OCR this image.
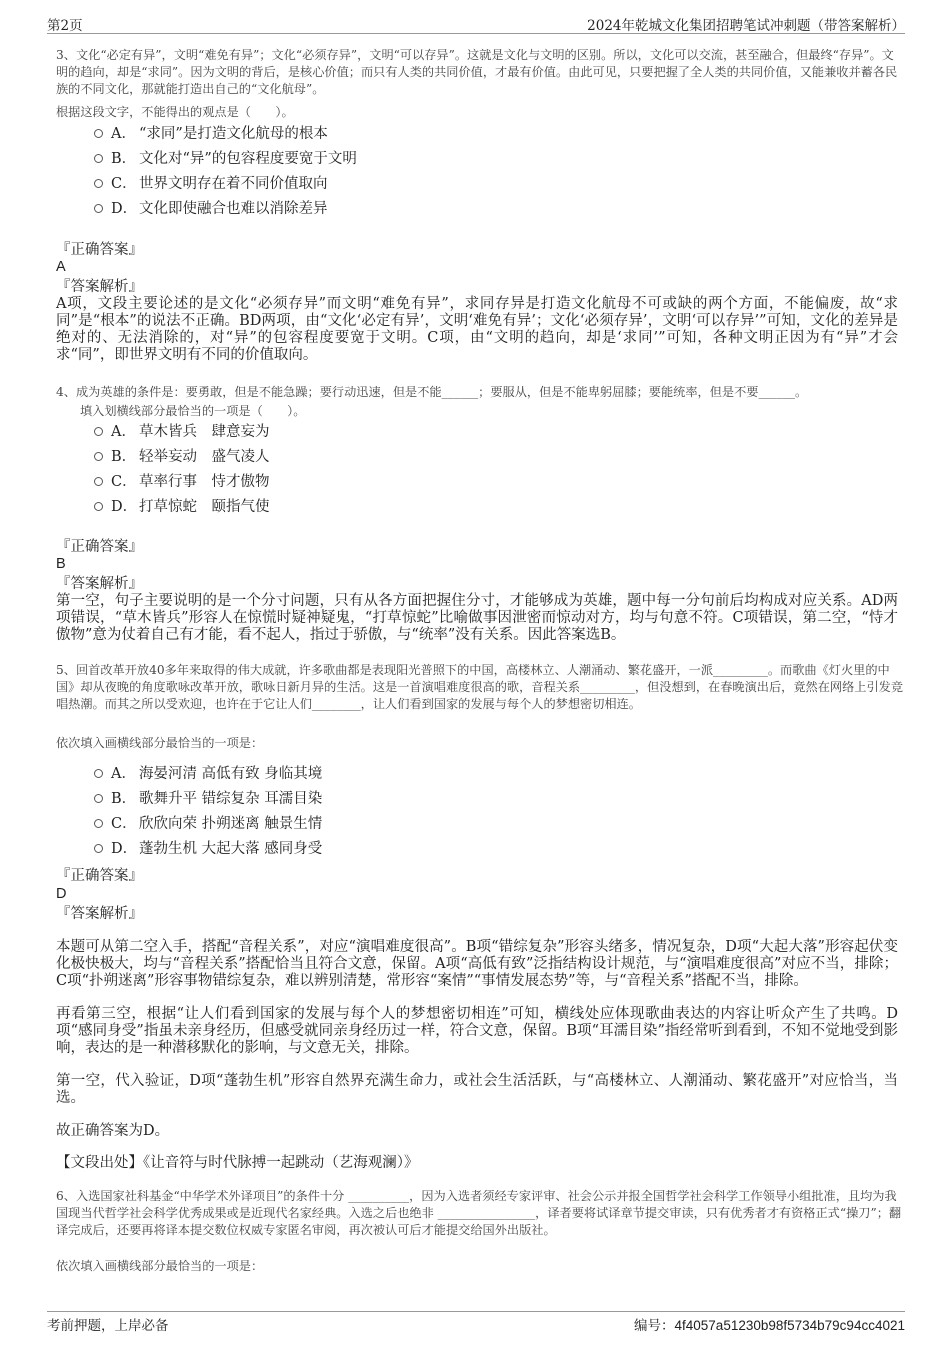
第2页	2024年乾城文化集团招聘笔试冲刺题（带答案解析）

3、文化“必定有异”，文明“难免有异”；文化“必须存异”，文明“可以存异”。这就是文化与文明的区别。所以，文化可以交流，甚至融合，但最终“存异”。文明的趋向，却是“求同”。因为文明的背后，是核心价值；而只有人类的共同价值，才最有价值。由此可见，只要把握了全人类的共同价值，又能兼收并蓄各民族的不同文化，那就能打造出自己的“文化航母”。

根据这段文字，不能得出的观点是（　　）。

A． “求同”是打造文化航母的根本
B． 文化对“异”的包容程度要宽于文明
C． 世界文明存在着不同价值取向
D． 文化即使融合也难以消除差异
『正确答案』
A
『答案解析』

A项，文段主要论述的是文化“必须存异”而文明“难免有异”，求同存异是打造文化航母不可或缺的两个方面，不能偏废，故“求同”是“根本”的说法不正确。BD两项，由“文化‘必定有异’，文明‘难免有异’；文化‘必须存异’，文明‘可以存异’”可知，文化的差异是绝对的、无法消除的，对“异”的包容程度要宽于文明。C项，由“文明的趋向，却是‘求同’”可知，各种文明正因为有“异”才会求“同”，即世界文明有不同的价值取向。

4、成为英雄的条件是：要勇敢，但是不能急躁；要行动迅速，但是不能______；要服从，但是不能卑躬屈膝；要能统率，但是不要______。

填入划横线部分最恰当的一项是（　　）。

A． 草木皆兵　肆意妄为
B． 轻举妄动　盛气凌人
C． 草率行事　恃才傲物
D． 打草惊蛇　颐指气使
『正确答案』
B
『答案解析』

第一空，句子主要说明的是一个分寸问题，只有从各方面把握住分寸，才能够成为英雄，题中每一分句前后均构成对应关系。AD两项错误，“草木皆兵”形容人在惊慌时疑神疑鬼，“打草惊蛇”比喻做事因泄密而惊动对方，均与句意不符。C项错误，第二空，“恃才傲物”意为仗着自己有才能，看不起人，指过于骄傲，与“统率”没有关系。因此答案选B。

5、回首改革开放40多年来取得的伟大成就，许多歌曲都是表现阳光普照下的中国，高楼林立、人潮涌动、繁花盛开，一派_________。而歌曲《灯火里的中国》却从夜晚的角度歌咏改革开放，歌咏日新月异的生活。这是一首演唱难度很高的歌，音程关系_________，但没想到，在春晚演出后，竟然在网络上引发竞唱热潮。而其之所以受欢迎，也许在于它让人们________，让人们看到国家的发展与每个人的梦想密切相连。

依次填入画横线部分最恰当的一项是：

A． 海晏河清 高低有致 身临其境
B． 歌舞升平 错综复杂 耳濡目染
C． 欣欣向荣 扑朔迷离 触景生情
D． 蓬勃生机 大起大落 感同身受
『正确答案』
D
『答案解析』

本题可从第二空入手，搭配“音程关系”，对应“演唱难度很高”。B项“错综复杂”形容头绪多，情况复杂，D项“大起大落”形容起伏变化极快极大，均与“音程关系”搭配恰当且符合文意，保留。A项“高低有致”泛指结构设计规范，与“演唱难度很高”对应不当，排除；C项“扑朔迷离”形容事物错综复杂，难以辨别清楚，常形容“案情”“事情发展态势”等，与“音程关系”搭配不当，排除。

再看第三空，根据“让人们看到国家的发展与每个人的梦想密切相连”可知，横线处应体现歌曲表达的内容让听众产生了共鸣。D项“感同身受”指虽未亲身经历，但感受就同亲身经历过一样，符合文意，保留。B项“耳濡目染”指经常听到看到，不知不觉地受到影响，表达的是一种潜移默化的影响，与文意无关，排除。

第一空，代入验证，D项“蓬勃生机”形容自然界充满生命力，或社会生活活跃，与“高楼林立、人潮涌动、繁花盛开”对应恰当，当选。

故正确答案为D。

【文段出处】《让音符与时代脉搏一起跳动（艺海观澜）》

6、入选国家社科基金“中华学术外译项目”的条件十分 __________，因为入选者须经专家评审、社会公示并报全国哲学社会科学工作领导小组批准，且均为我国现当代哲学社会科学优秀成果或是近现代名家经典。入选之后也绝非 ________________，译者要将试译章节提交审读，只有优秀者才有资格正式“操刀”；翻译完成后，还要再将译本提交数位权威专家匿名审阅，再次被认可后才能提交给国外出版社。

依次填入画横线部分最恰当的一项是：

考前押题，上岸必备	编号：4f4057a51230b98f5734b79c94cc4021
